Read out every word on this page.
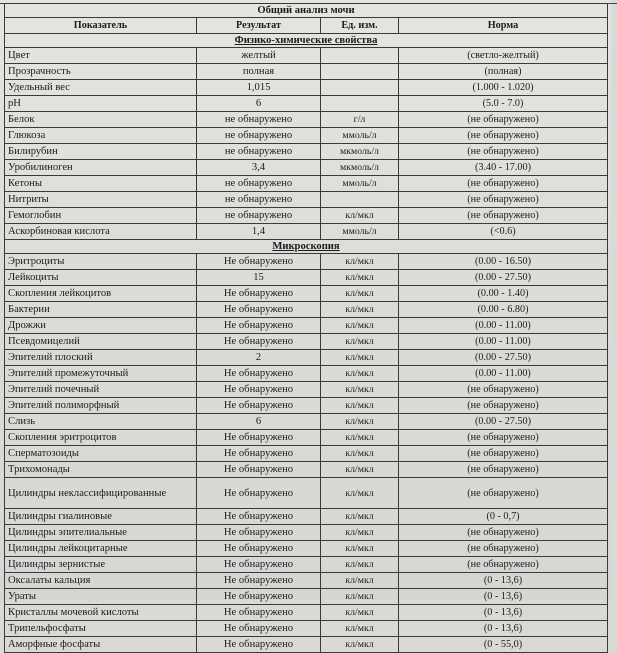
Общий анализ мочи			
Показатель	Результат	Ед. изм.	Норма
Физико-химические свойства			
Цвет	желтый		(светло-желтый)
Прозрачность	полная		(полная)
Удельный вес	1,015		(1.000 - 1.020)
pH	6		(5.0 - 7.0)
Белок	не обнаружено	г/л	(не обнаружено)
Глюкоза	не обнаружено	ммоль/л	(не обнаружено)
Билирубин	не обнаружено	мкмоль/л	(не обнаружено)
Уробилиноген	3,4	мкмоль/л	(3.40 - 17.00)
Кетоны	не обнаружено	ммоль/л	(не обнаружено)
Нитриты	не обнаружено		(не обнаружено)
Гемоглобин	не обнаружено	кл/мкл	(не обнаружено)
Аскорбиновая кислота	1,4	ммоль/л	(<0.6)
Микроскопия			
Эритроциты	Не обнаружено	кл/мкл	(0.00 - 16.50)
Лейкоциты	15	кл/мкл	(0.00 - 27.50)
Скопления лейкоцитов	Не обнаружено	кл/мкл	(0.00 - 1.40)
Бактерии	Не обнаружено	кл/мкл	(0.00 - 6.80)
Дрожжи	Не обнаружено	кл/мкл	(0.00 - 11.00)
Псевдомицелий	Не обнаружено	кл/мкл	(0.00 - 11.00)
Эпителий плоский	2	кл/мкл	(0.00 - 27.50)
Эпителий промежуточный	Не обнаружено	кл/мкл	(0.00 - 11.00)
Эпителий почечный	Не обнаружено	кл/мкл	(не обнаружено)
Эпителий полиморфный	Не обнаружено	кл/мкл	(не обнаружено)
Слизь	6	кл/мкл	(0.00 - 27.50)
Скопления эритроцитов	Не обнаружено	кл/мкл	(не обнаружено)
Сперматозоиды	Не обнаружено	кл/мкл	(не обнаружено)
Трихомонады	Не обнаружено	кл/мкл	(не обнаружено)
Цилиндры неклассифицированные	Не обнаружено	кл/мкл	(не обнаружено)
Цилиндры гиалиновые	Не обнаружено	кл/мкл	(0 - 0,7)
Цилиндры эпителиальные	Не обнаружено	кл/мкл	(не обнаружено)
Цилиндры лейкоцитарные	Не обнаружено	кл/мкл	(не обнаружено)
Цилиндры зернистые	Не обнаружено	кл/мкл	(не обнаружено)
Оксалаты кальция	Не обнаружено	кл/мкл	(0 - 13,6)
Ураты	Не обнаружено	кл/мкл	(0 - 13,6)
Кристаллы мочевой кислоты	Не обнаружено	кл/мкл	(0 - 13,6)
Трипельфосфаты	Не обнаружено	кл/мкл	(0 - 13,6)
Аморфные фосфаты	Не обнаружено	кл/мкл	(0 - 55,0)
